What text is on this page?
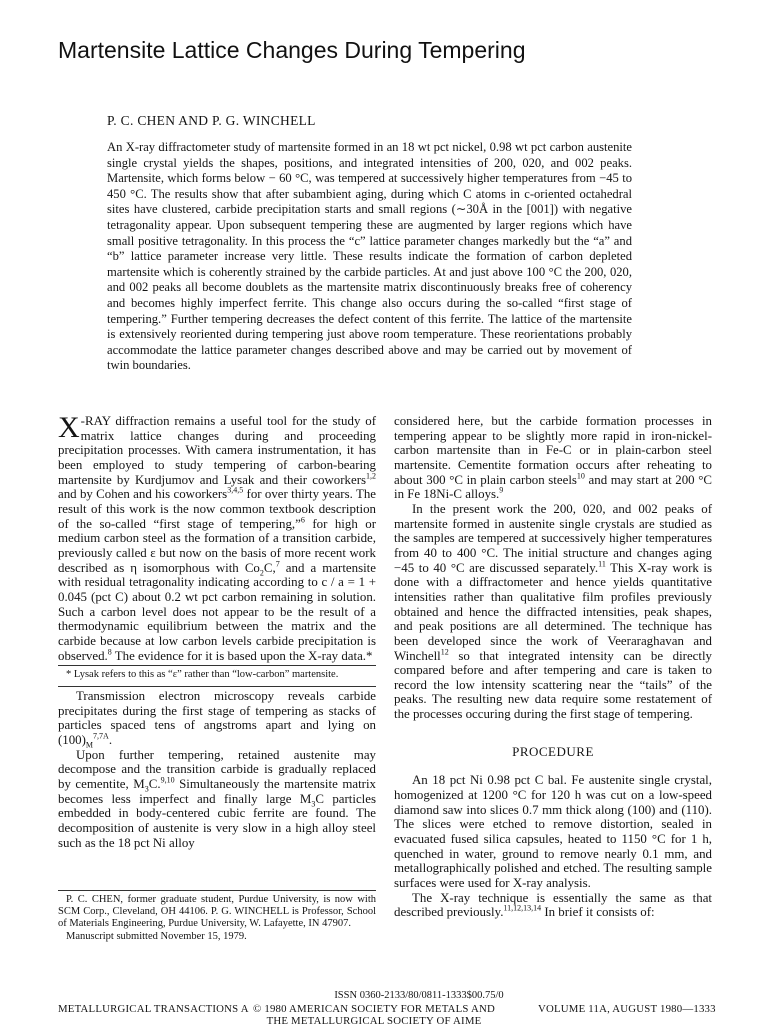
Martensite Lattice Changes During Tempering
P. C. CHEN AND P. G. WINCHELL

An X-ray diffractometer study of martensite formed in an 18 wt pct nickel, 0.98 wt pct carbon austenite single crystal yields the shapes, positions, and integrated intensities of 200, 020, and 002 peaks. Martensite, which forms below − 60 °C, was tempered at successively higher temperatures from −45 to 450 °C. The results show that after subambient aging, during which C atoms in c-oriented octahedral sites have clustered, carbide precipitation starts and small regions (∼30Å in the [001]) with negative tetragonality appear. Upon subsequent tempering these are augmented by larger regions which have small positive tetragonality. In this process the “c” lattice parameter changes markedly but the “a” and “b” lattice parameter increase very little. These results indicate the formation of carbon depleted martensite which is coherently strained by the carbide particles. At and just above 100 °C the 200, 020, and 002 peaks all become doublets as the martensite matrix discontinuously breaks free of coherency and becomes highly imperfect ferrite. This change also occurs during the so-called “first stage of tempering.” Further tempering decreases the defect content of this ferrite. The lattice of the martensite is extensively reoriented during tempering just above room temperature. These reorientations probably accommodate the lattice parameter changes described above and may be carried out by movement of twin boundaries.

X -RAY diffraction remains a useful tool for the study of matrix lattice changes during and proceeding precipitation processes. With camera instrumentation, it has been employed to study tempering of carbon-bearing martensite by Kurdjumov and Lysak and their coworkers$^{1,2}$ and by Cohen and his coworkers$^{3,4,5}$ for over thirty years. The result of this work is the now common textbook description of the so-called “first stage of tempering,”$^6$ for high or medium carbon steel as the formation of a transition carbide, previously called ε but now on the basis of more recent work described as η isomorphous with $Co_2C,^7$ and a martensite with residual tetragonality indicating according to c / a = 1 + 0.045 (pct C) about 0.2 wt pct carbon remaining in solution. Such a carbon level does not appear to be the result of a thermodynamic equilibrium between the matrix and the carbide because at low carbon levels carbide precipitation is observed.$^8$ The evidence for it is based upon the X-ray data.*

* Lysak refers to this as “ε” rather than “low-carbon” martensite.

Transmission electron microscopy reveals carbide precipitates during the first stage of tempering as stacks of particles spaced tens of angstroms apart and lying on $(100)_M^{7,7A}$.

Upon further tempering, retained austenite may decompose and the transition carbide is gradually replaced by cementite, $M_3C.^{9,10}$ Simultaneously the martensite matrix becomes less imperfect and finally large $M_3C$ particles embedded in body-centered cubic ferrite are found. The decomposition of austenite is very slow in a high alloy steel such as the 18 pct Ni alloy

P. C. CHEN, former graduate student, Purdue University, is now with SCM Corp., Cleveland, OH 44106. P. G. WINCHELL is Professor, School of Materials Engineering, Purdue University, W. Lafayette, IN 47907.

Manuscript submitted November 15, 1979.

considered here, but the carbide formation processes in tempering appear to be slightly more rapid in iron-nickel-carbon martensite than in Fe-C or in plain-carbon steel martensite. Cementite formation occurs after reheating to about 300 °C in plain carbon steels$^{10}$ and may start at 200 °C in Fe 18Ni-C alloys.$^9$

In the present work the 200, 020, and 002 peaks of martensite formed in austenite single crystals are studied as the samples are tempered at successively higher temperatures from 40 to 400 °C. The initial structure and changes aging −45 to 40 °C are discussed separately.$^{11}$ This X-ray work is done with a diffractometer and hence yields quantitative intensities rather than qualitative film profiles previously obtained and hence the diffracted intensities, peak shapes, and peak positions are all determined. The technique has been developed since the work of Veeraraghavan and Winchell$^{12}$ so that integrated intensity can be directly compared before and after tempering and care is taken to record the low intensity scattering near the “tails” of the peaks. The resulting new data require some restatement of the processes occuring during the first stage of tempering.

PROCEDURE

An 18 pct Ni 0.98 pct C bal. Fe austenite single crystal, homogenized at 1200 °C for 120 h was cut on a low-speed diamond saw into slices 0.7 mm thick along (100) and (110). The slices were etched to remove distortion, sealed in evacuated fused silica capsules, heated to 1150 °C for 1 h, quenched in water, ground to remove nearly 0.1 mm, and metallographically polished and etched. The resulting sample surfaces were used for X-ray analysis.

The X-ray technique is essentially the same as that described previously.$^{11,12,13,14}$ In brief it consists of:

ISSN 0360-2133/80/0811-1333$00.75/0
METALLURGICAL TRANSACTIONS A © 1980 AMERICAN SOCIETY FOR METALS AND
THE METALLURGICAL SOCIETY OF AIME
VOLUME 11A, AUGUST 1980—1333
